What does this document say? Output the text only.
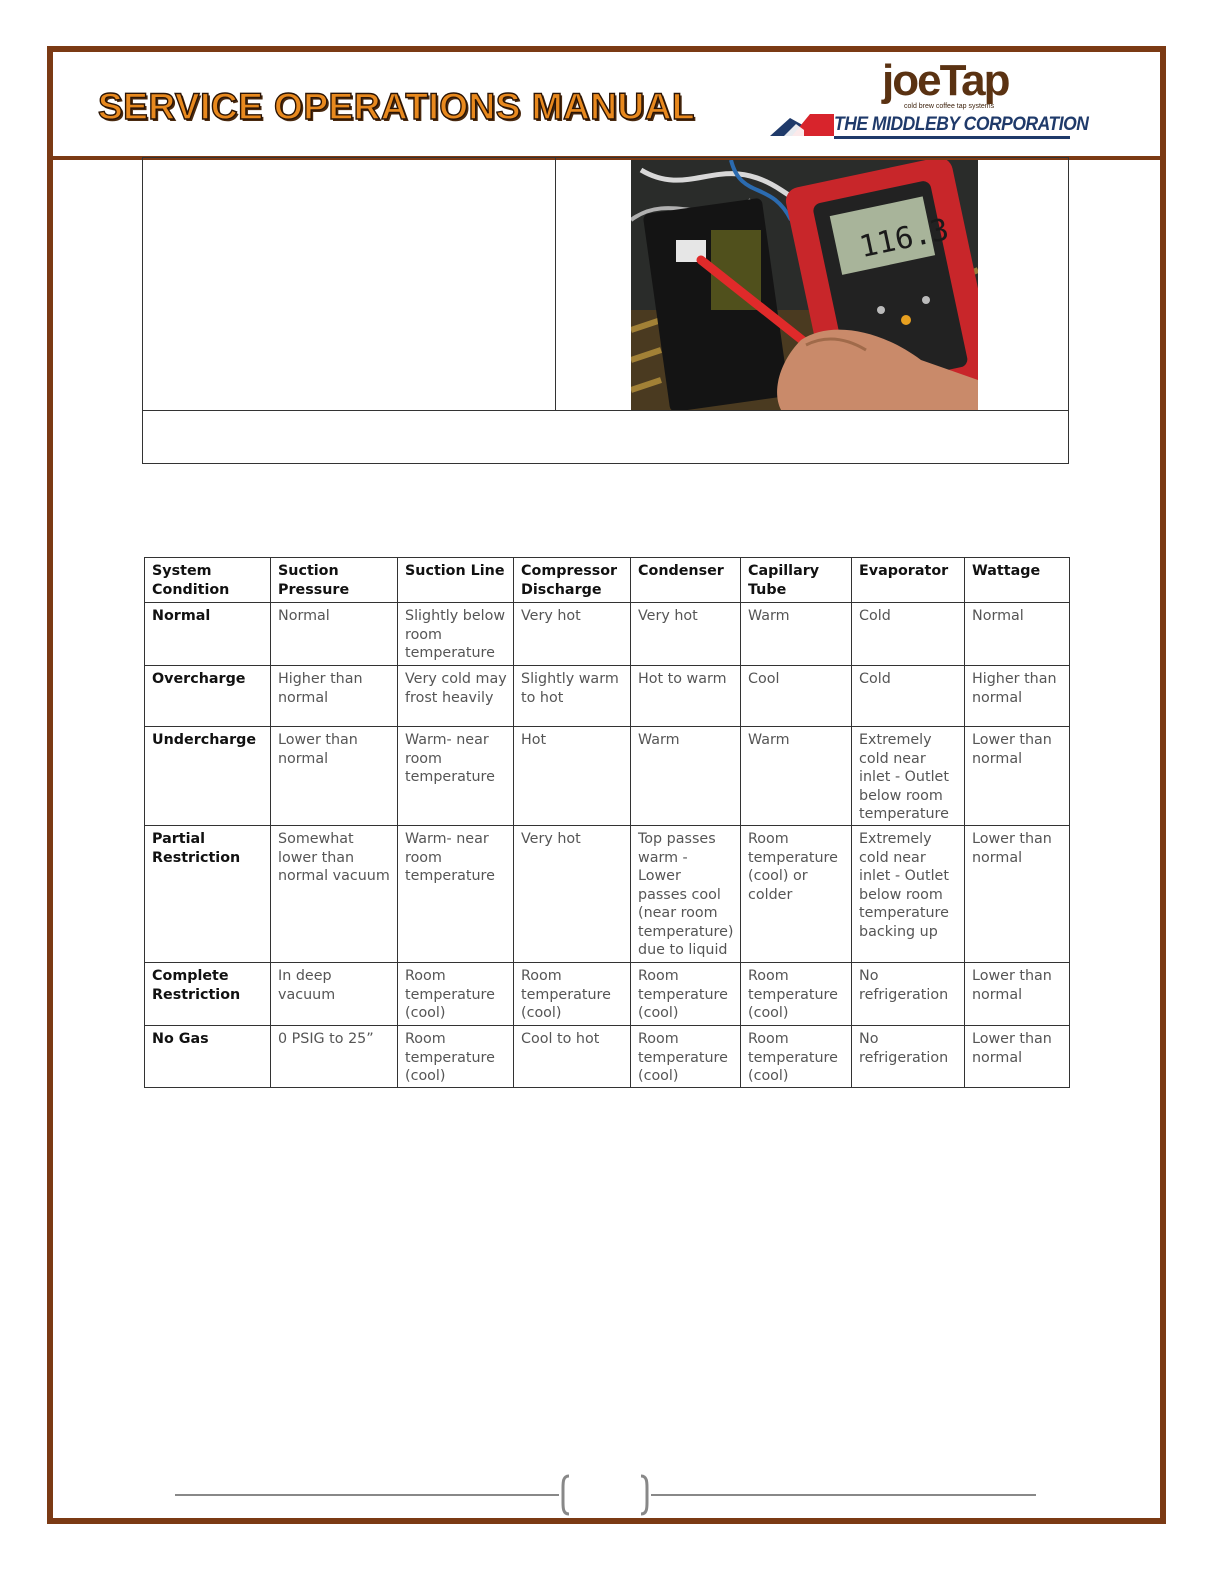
SERVICE OPERATIONS MANUAL
joeTap
cold brew coffee tap systems
THE MIDDLEBY CORPORATION
116.3
System Condition	Suction Pressure	Suction Line	Compressor Discharge	Condenser	Capillary Tube	Evaporator	Wattage
Normal	Normal	Slightly below room temperature	Very hot	Very hot	Warm	Cold	Normal
Overcharge	Higher than normal	Very cold may frost heavily	Slightly warm to hot	Hot to warm	Cool	Cold	Higher than normal
Undercharge	Lower than normal	Warm- near room temperature	Hot	Warm	Warm	Extremely cold near inlet - Outlet below room temperature	Lower than normal
Partial Restriction	Somewhat lower than normal vacuum	Warm- near room temperature	Very hot	Top passes warm - Lower passes cool (near room temperature) due to liquid	Room temperature (cool) or colder	Extremely cold near inlet - Outlet below room temperature backing up	Lower than normal
Complete Restriction	In deep vacuum	Room temperature (cool)	Room temperature (cool)	Room temperature (cool)	Room temperature (cool)	No refrigeration	Lower than normal
No Gas	0 PSIG to 25”	Room temperature (cool)	Cool to hot	Room temperature (cool)	Room temperature (cool)	No refrigeration	Lower than normal
